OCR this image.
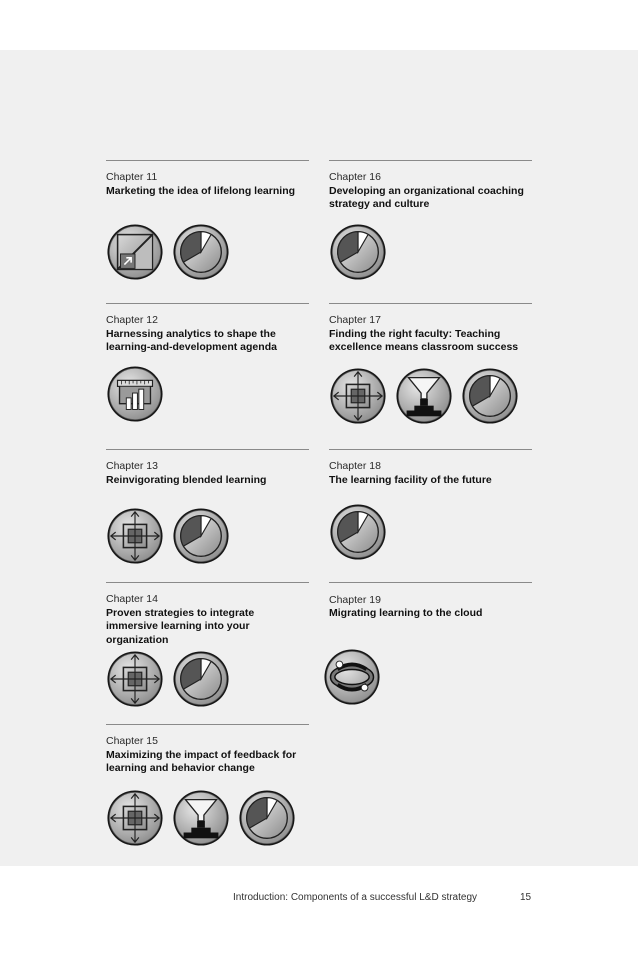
Chapter 11
Marketing the idea of lifelong learning
Chapter 12
Harnessing analytics to shape the learning-and-development agenda
Chapter 13
Reinvigorating blended learning
Chapter 14
Proven strategies to integrate immersive learning into your organization
Chapter 15
Maximizing the impact of feedback for learning and behavior change
Chapter 16
Developing an organizational coaching strategy and culture
Chapter 17
Finding the right faculty: Teaching excellence means classroom success
Chapter 18
The learning facility of the future
Chapter 19
Migrating learning to the cloud
Introduction: Components of a successful L&D strategy	15
